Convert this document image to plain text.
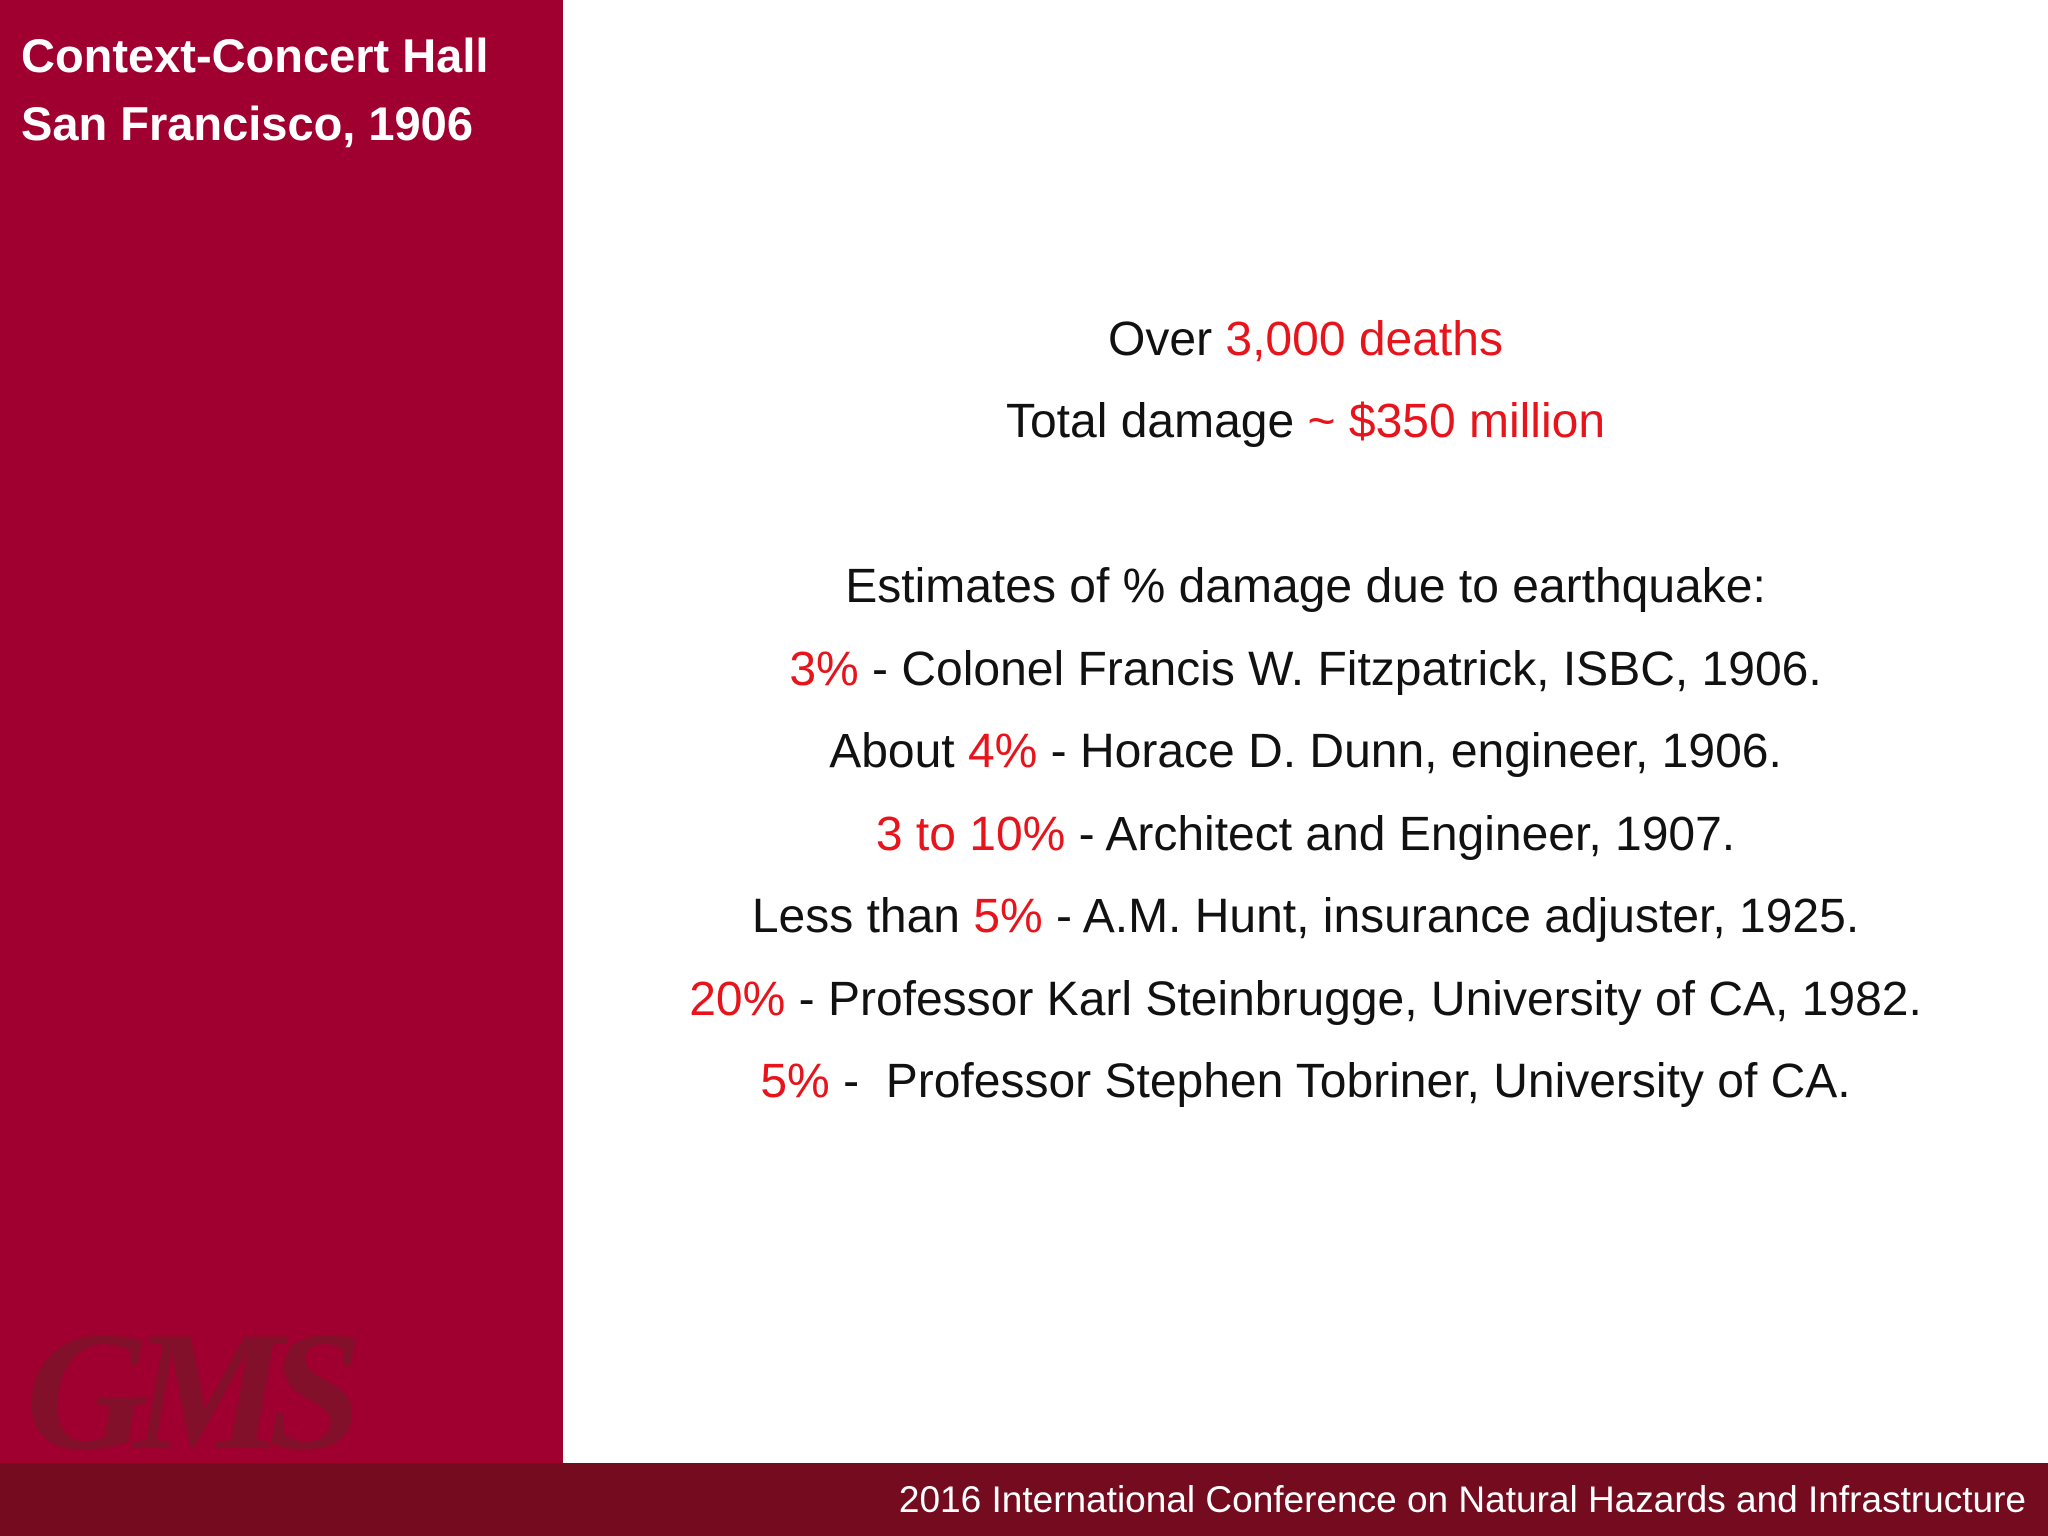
Context-Concert Hall
San Francisco, 1906
GMS
Over 3,000 deaths
Total damage ~ $350 million
Estimates of % damage due to earthquake:
3% - Colonel Francis W. Fitzpatrick, ISBC, 1906.
About 4% - Horace D. Dunn, engineer, 1906.
3 to 10% - Architect and Engineer, 1907.
Less than 5% - A.M. Hunt, insurance adjuster, 1925.
20% - Professor Karl Steinbrugge, University of CA, 1982.
5% -  Professor Stephen Tobriner, University of CA.
2016 International Conference on Natural Hazards and Infrastructure
